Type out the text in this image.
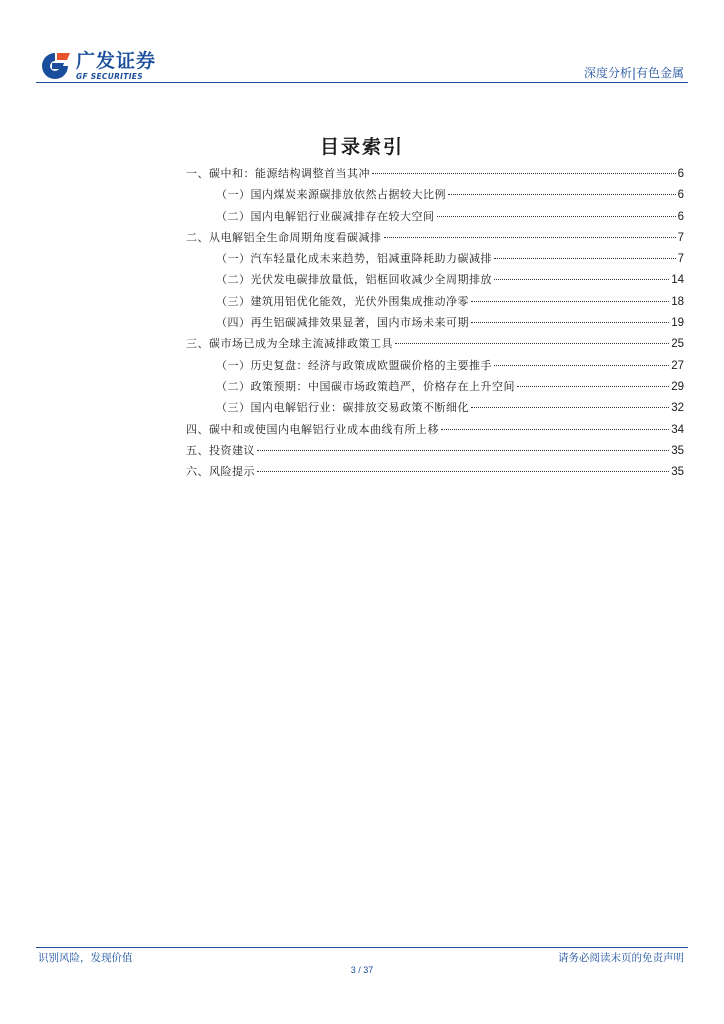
广发证券
GF SECURITIES	深度分析|有色金属
目录索引
一、碳中和：能源结构调整首当其冲	6
（一）国内煤炭来源碳排放依然占据较大比例	6
（二）国内电解铝行业碳减排存在较大空间	6
二、从电解铝全生命周期角度看碳减排	7
（一）汽车轻量化成未来趋势，铝减重降耗助力碳减排	7
（二）光伏发电碳排放量低，铝框回收减少全周期排放	14
（三）建筑用铝优化能效，光伏外围集成推动净零	18
（四）再生铝碳减排效果显著，国内市场未来可期	19
三、碳市场已成为全球主流减排政策工具	25
（一）历史复盘：经济与政策成欧盟碳价格的主要推手	27
（二）政策预期：中国碳市场政策趋严，价格存在上升空间	29
（三）国内电解铝行业：碳排放交易政策不断细化	32
四、碳中和或使国内电解铝行业成本曲线有所上移	34
五、投资建议	35
六、风险提示	35
识别风险，发现价值	请务必阅读末页的免责声明
3 / 37
